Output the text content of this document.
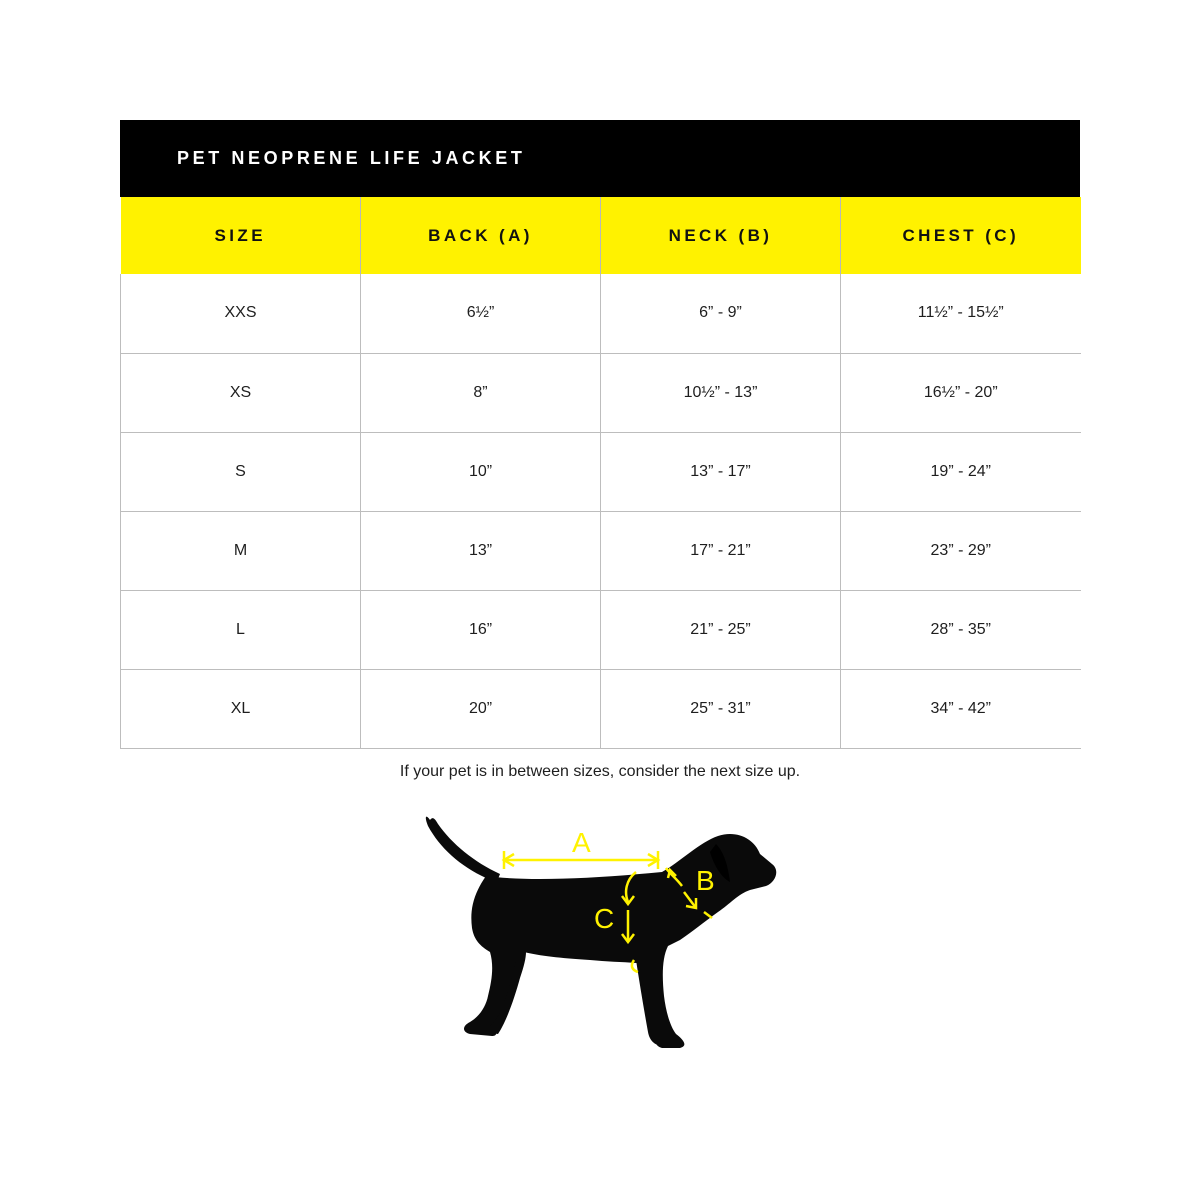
PET NEOPRENE LIFE JACKET
SIZE	BACK (A)	NECK (B)	CHEST (C)
XXS	6½”	6” - 9”	11½” - 15½”
XS	8”	10½” - 13”	16½” - 20”
S	10”	13” - 17”	19” - 24”
M	13”	17” - 21”	23” - 29”
L	16”	21” - 25”	28” - 35”
XL	20”	25” - 31”	34” - 42”
If your pet is in between sizes, consider the next size up.
A
B
C
